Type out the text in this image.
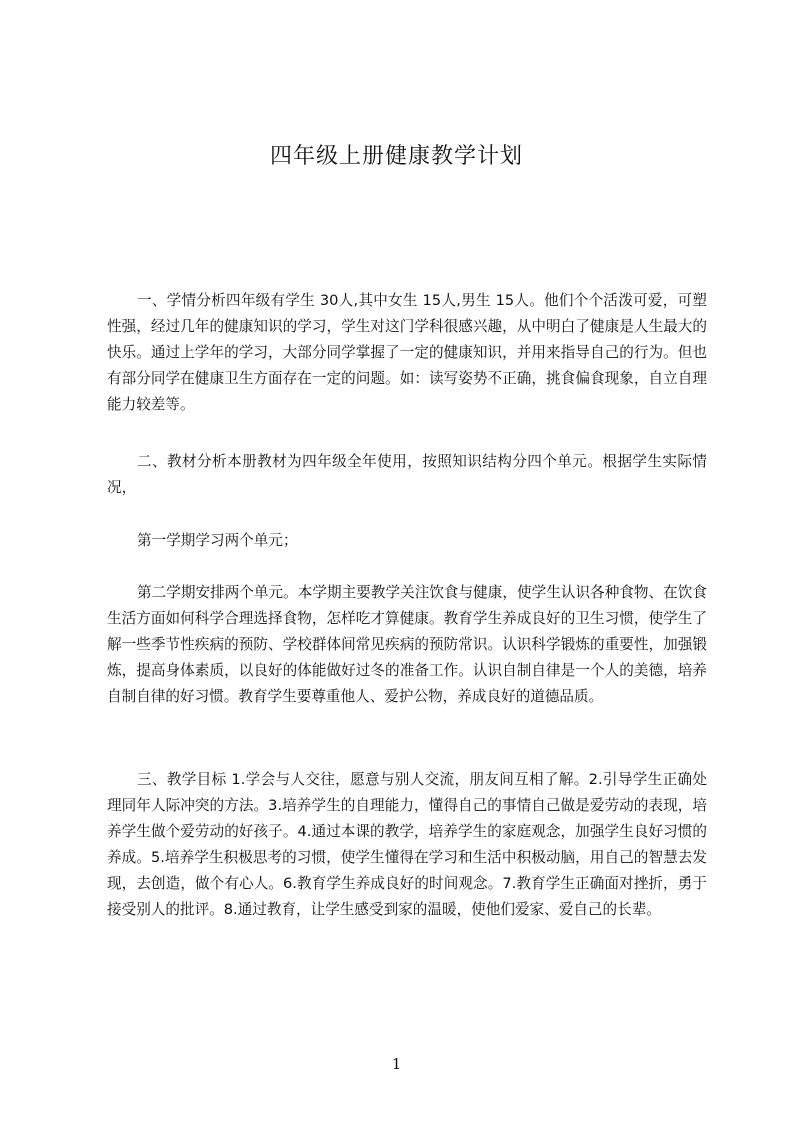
四年级上册健康教学计划

一、学情分析四年级有学生 30人,其中女生 15人,男生 15人。他们个个活泼可爱，可塑性强，经过几年的健康知识的学习，学生对这门学科很感兴趣，从中明白了健康是人生最大的快乐。通过上学年的学习，大部分同学掌握了一定的健康知识，并用来指导自己的行为。但也有部分同学在健康卫生方面存在一定的问题。如：读写姿势不正确，挑食偏食现象，自立自理能力较差等。

二、教材分析本册教材为四年级全年使用，按照知识结构分四个单元。根据学生实际情况，

第一学期学习两个单元；

第二学期安排两个单元。本学期主要教学关注饮食与健康，使学生认识各种食物、在饮食生活方面如何科学合理选择食物，怎样吃才算健康。教育学生养成良好的卫生习惯，使学生了解一些季节性疾病的预防、学校群体间常见疾病的预防常识。认识科学锻炼的重要性，加强锻炼，提高身体素质，以良好的体能做好过冬的准备工作。认识自制自律是一个人的美德，培养自制自律的好习惯。教育学生要尊重他人、爱护公物，养成良好的道德品质。

三、教学目标 1.学会与人交往，愿意与别人交流，朋友间互相了解。2.引导学生正确处理同年人际冲突的方法。3.培养学生的自理能力，懂得自己的事情自己做是爱劳动的表现，培养学生做个爱劳动的好孩子。4.通过本课的教学，培养学生的家庭观念，加强学生良好习惯的养成。5.培养学生积极思考的习惯，使学生懂得在学习和生活中积极动脑，用自己的智慧去发现，去创造，做个有心人。6.教育学生养成良好的时间观念。7.教育学生正确面对挫折，勇于接受别人的批评。8.通过教育，让学生感受到家的温暖，使他们爱家、爱自己的长辈。

1
